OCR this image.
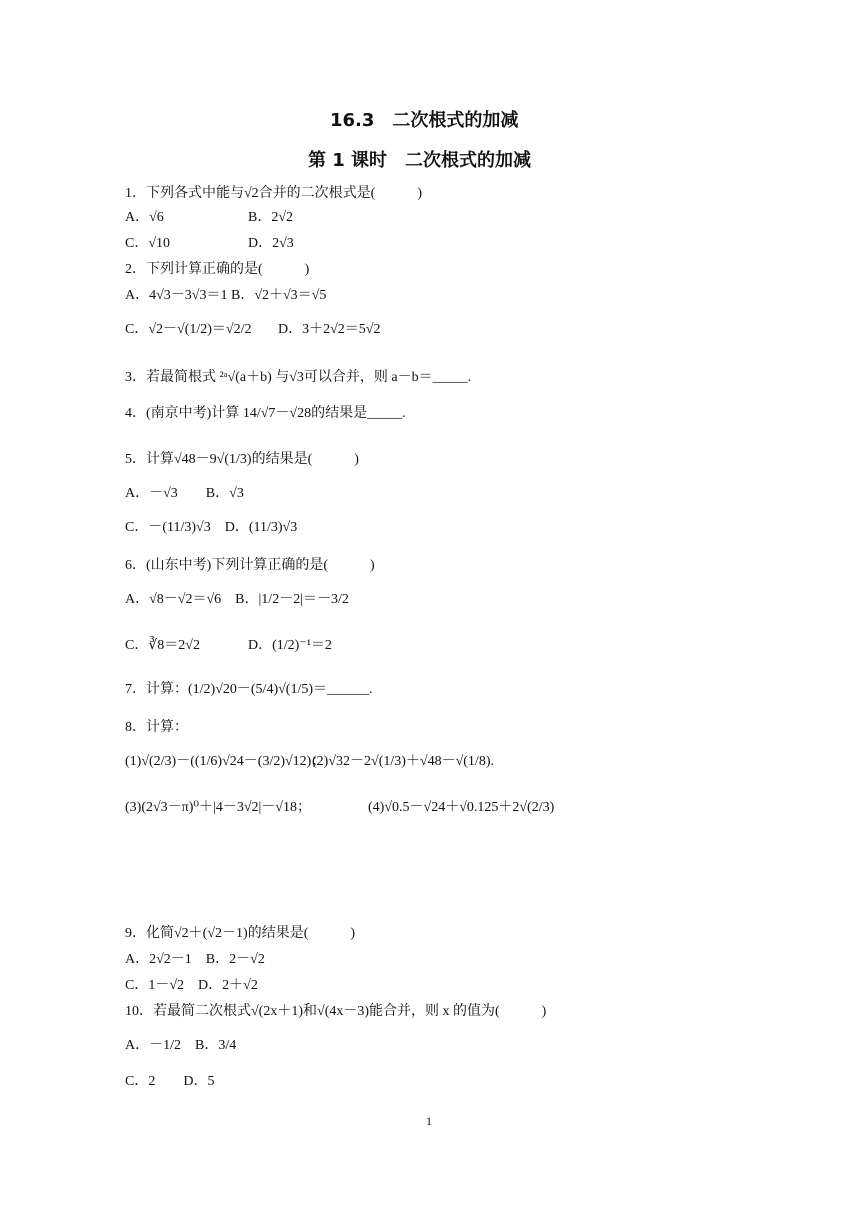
16.3　二次根式的加减
第 1 课时　二次根式的加减
1．下列各式中能与√2合并的二次根式是(　　　)
A．√6	B．2√2
C．√10	D．2√3
2．下列计算正确的是(　　　)
A．4√3－3√3＝1 B．√2＋√3＝√5
C．√2－√(1/2)＝√2/2 D．3＋2√2＝5√2
3．若最简根式 ²ᵃ√(a＋b) 与√3可以合并，则 a－b＝_____.
4．(南京中考)计算 14/√7－√28的结果是_____.
5．计算√48－9√(1/3)的结果是(　　　)
A．－√3　　B．√3
C．－(11/3)√3　D．(11/3)√3
6．(山东中考)下列计算正确的是(　　　)
A．√8－√2＝√6　B．|1/2－2|＝－3/2
C．∛8＝2√2	D．(1/2)⁻¹＝2
7．计算：(1/2)√20－(5/4)√(1/5)＝______.
8．计算：
(1)√(2/3)－((1/6)√24－(3/2)√12)；
(2)√32－2√(1/3)＋√48－√(1/8).
(3)(2√3－π)⁰＋|4－3√2|－√18；	(4)√0.5－√24＋√0.125＋2√(2/3)
9．化简√2＋(√2－1)的结果是(　　　)
A．2√2－1　B．2－√2
C．1－√2　D．2＋√2
10．若最简二次根式√(2x＋1)和√(4x－3)能合并，则 x 的值为(　　　)
A．－1/2　B．3/4
C．2　　D．5
1
